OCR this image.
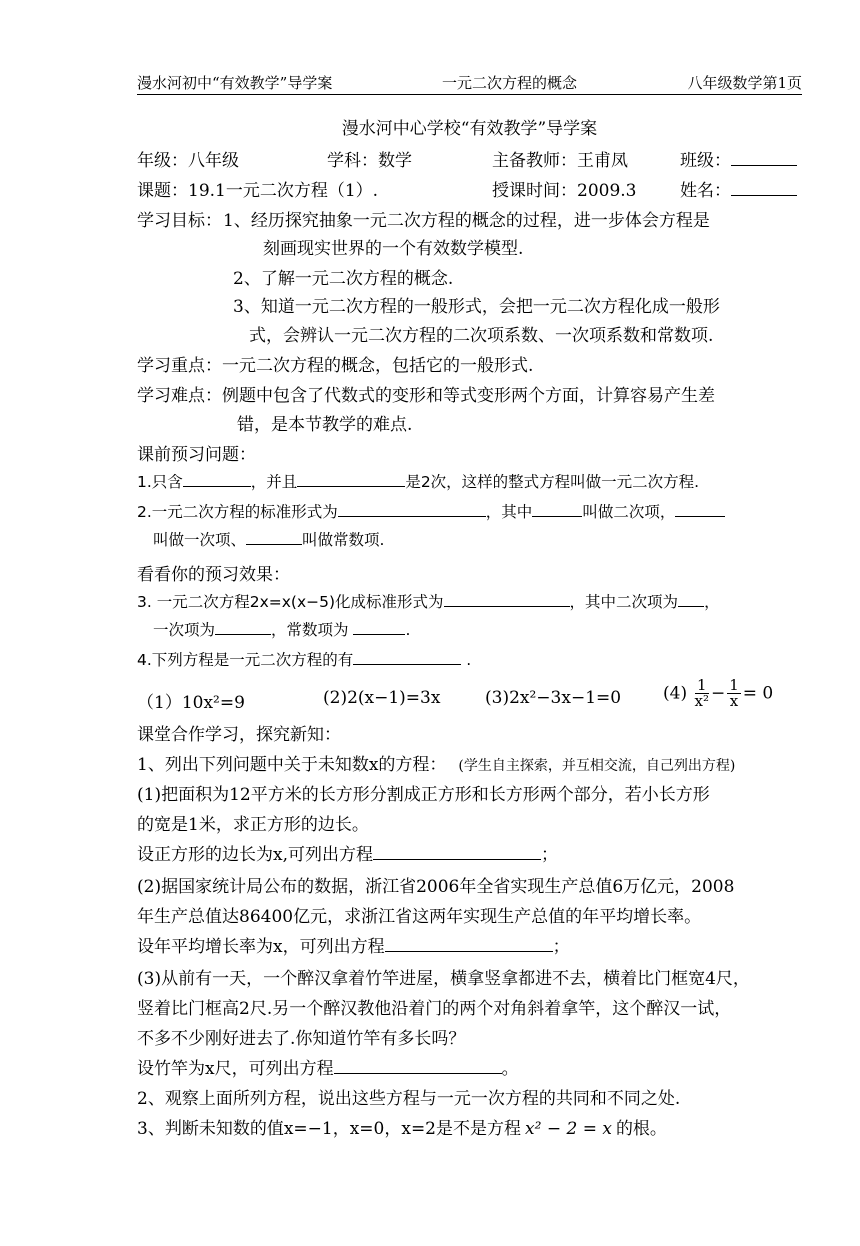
漫水河初中“有效教学”导学案	一元二次方程的概念	八年级数学第1页
漫水河中心学校“有效教学”导学案
年级：八年级	学科：数学	主备教师：王甫凤	班级：
课题：19.1一元二次方程（1）.	授课时间：2009.3	姓名：
学习目标： 1、经历探究抽象一元二次方程的概念的过程，进一步体会方程是
刻画现实世界的一个有效数学模型.
2、了解一元二次方程的概念.
3、知道一元二次方程的一般形式，会把一元二次方程化成一般形
式，会辨认一元二次方程的二次项系数、一次项系数和常数项.
学习重点：一元二次方程的概念，包括它的一般形式.
学习难点：例题中包含了代数式的变形和等式变形两个方面，计算容易产生差
错，是本节教学的难点.
课前预习问题：
1.只含	，并且	是2次，这样的整式方程叫做一元二次方程.
2.一元二次方程的标准形式为	，其中	叫做二次项，
叫做一次项、	叫做常数项.
看看你的预习效果：
3. 一元二次方程2x=x(x−5)化成标准形式为	，其中二次项为 ，
一次项为	，常数项为	.
4.下列方程是一元二次方程的有	.
（1）10x²=9	(2)2(x−1)=3x	(3)2x²−3x−1=0 $(4) \frac{1}{\text{x²}} - \frac{1}{x} = 0$
课堂合作学习，探究新知：
1、列出下列问题中关于未知数x的方程： (学生自主探索，并互相交流，自己列出方程)
(1)把面积为12平方米的长方形分割成正方形和长方形两个部分，若小长方形
的宽是1米，求正方形的边长。
设正方形的边长为x,可列出方程	；
(2)据国家统计局公布的数据，浙江省2006年全省实现生产总值6万亿元，2008
年生产总值达86400亿元，求浙江省这两年实现生产总值的年平均增长率。
设年平均增长率为x，可列出方程	；
(3)从前有一天，一个醉汉拿着竹竿进屋，横拿竖拿都进不去，横着比门框宽4尺，
竖着比门框高2尺.另一个醉汉教他沿着门的两个对角斜着拿竿，这个醉汉一试，
不多不少刚好进去了.你知道竹竿有多长吗？
设竹竿为x尺，可列出方程	。
2、观察上面所列方程，说出这些方程与一元一次方程的共同和不同之处.
3、判断未知数的值x=−1，x=0，x=2是不是方程 x² − 2 = x 的根。
